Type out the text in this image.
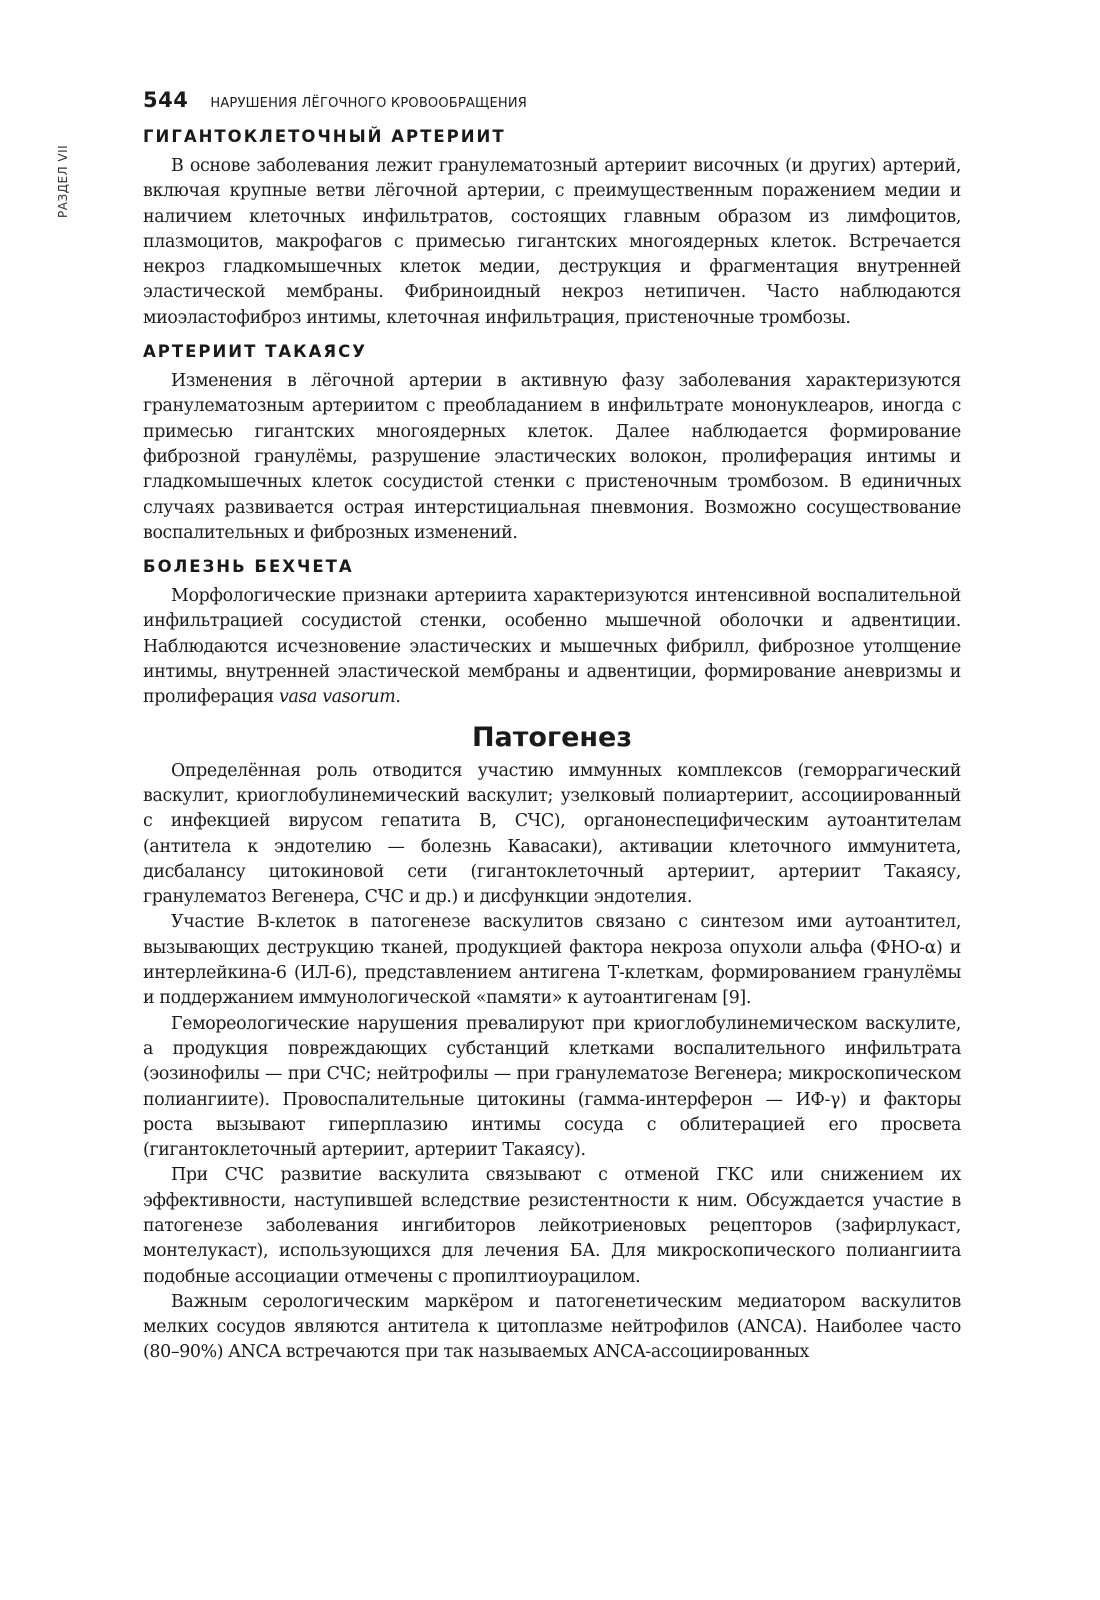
РАЗДЕЛ VII
544 НАРУШЕНИЯ ЛЁГОЧНОГО КРОВООБРАЩЕНИЯ
ГИГАНТОКЛЕТОЧНЫЙ АРТЕРИИТ

В основе заболевания лежит гранулематозный артериит височных (и других) артерий, включая крупные ветви лёгочной артерии, с преимущественным поражением медии и наличием клеточных инфильтратов, состоящих главным образом из лимфоцитов, плазмоцитов, макрофагов с примесью гигантских многоядерных клеток. Встречается некроз гладкомышечных клеток медии, деструкция и фрагментация внутренней эластической мембраны. Фибриноидный некроз нетипичен. Часто наблюдаются миоэластофиброз интимы, клеточная инфильтрация, пристеночные тромбозы.

АРТЕРИИТ ТАКАЯСУ

Изменения в лёгочной артерии в активную фазу заболевания характеризуются гранулематозным артериитом с преобладанием в инфильтрате мононуклеаров, иногда с примесью гигантских многоядерных клеток. Далее наблюдается формирование фиброзной гранулёмы, разрушение эластических волокон, пролиферация интимы и гладкомышечных клеток сосудистой стенки с пристеночным тромбозом. В единичных случаях развивается острая интерстициальная пневмония. Возможно сосуществование воспалительных и фиброзных изменений.

БОЛЕЗНЬ БЕХЧЕТА

Морфологические признаки артериита характеризуются интенсивной воспалительной инфильтрацией сосудистой стенки, особенно мышечной оболочки и адвентиции. Наблюдаются исчезновение эластических и мышечных фибрилл, фиброзное утолщение интимы, внутренней эластической мембраны и адвентиции, формирование аневризмы и пролиферация vasa vasorum.

Патогенез

Определённая роль отводится участию иммунных комплексов (геморрагический васкулит, криоглобулинемический васкулит; узелковый полиартериит, ассоциированный с инфекцией вирусом гепатита В, СЧС), органонеспецифическим аутоантителам (антитела к эндотелию — болезнь Кавасаки), активации клеточного иммунитета, дисбалансу цитокиновой сети (гигантоклеточный артериит, артериит Такаясу, гранулематоз Вегенера, СЧС и др.) и дисфункции эндотелия.

Участие В-клеток в патогенезе васкулитов связано с синтезом ими аутоантител, вызывающих деструкцию тканей, продукцией фактора некроза опухоли альфа (ФНО-α) и интерлейкина-6 (ИЛ-6), представлением антигена Т-клеткам, формированием гранулёмы и поддержанием иммунологической «памяти» к аутоантигенам [9].

Гемореологические нарушения превалируют при криоглобулинемическом васкулите, а продукция повреждающих субстанций клетками воспалительного инфильтрата (эозинофилы — при СЧС; нейтрофилы — при гранулематозе Вегенера; микроскопическом полиангиите). Провоспалительные цитокины (гамма-интерферон — ИФ-γ) и факторы роста вызывают гиперплазию интимы сосуда с облитерацией его просвета (гигантоклеточный артериит, артериит Такаясу).

При СЧС развитие васкулита связывают с отменой ГКС или снижением их эффективности, наступившей вследствие резистентности к ним. Обсуждается участие в патогенезе заболевания ингибиторов лейкотриеновых рецепторов (зафирлукаст, монтелукаст), использующихся для лечения БА. Для микроскопического полиангиита подобные ассоциации отмечены с пропилтиоурацилом.

Важным серологическим маркёром и патогенетическим медиатором васкулитов мелких сосудов являются антитела к цитоплазме нейтрофилов (ANCA). Наиболее часто (80–90%) ANCA встречаются при так называемых ANCA-ассоциированных
